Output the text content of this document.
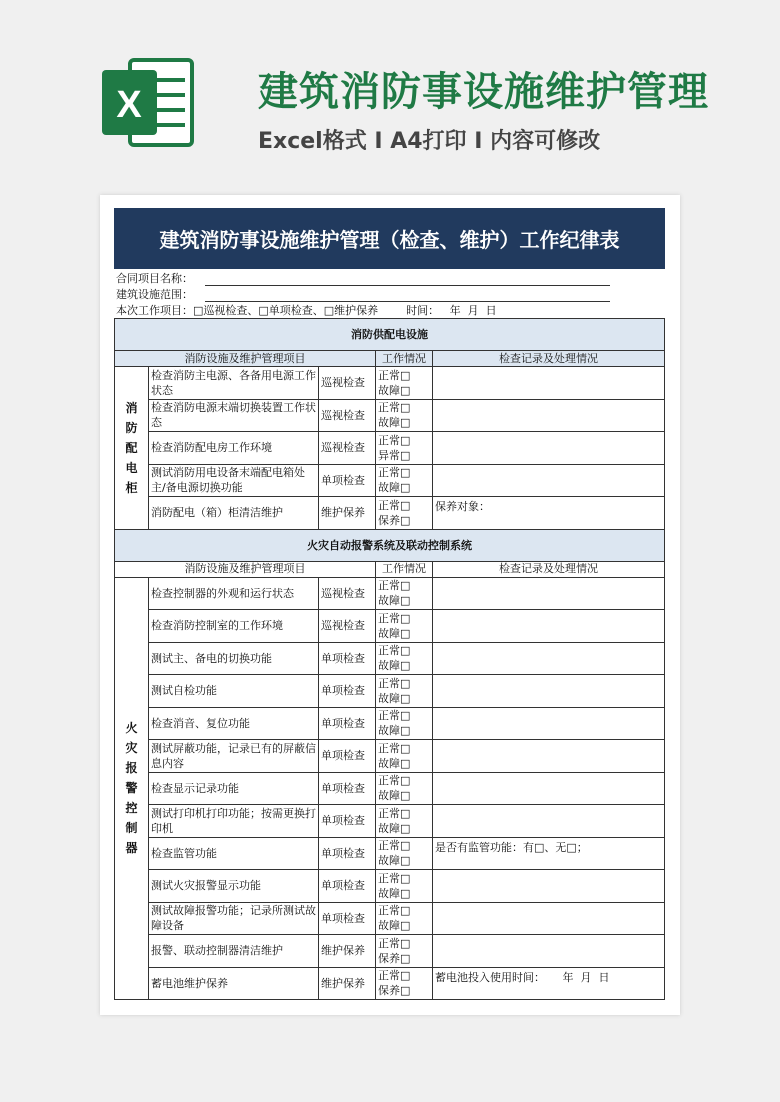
X	建筑消防事设施维护管理
Excel格式 Ⅰ A4打印 Ⅰ 内容可修改
建筑消防事设施维护管理（检查、维护）工作纪律表
合同项目名称：
建筑设施范围：
本次工作项目：□巡视检查、□单项检查、□维护保养        时间：   年  月  日
消防供配电设施				
消防设施及维护管理项目			工作情况	检查记录及处理情况
消防配电柜	检查消防主电源、各备用电源工作状态	巡视检查	正常□
故障□	
	检查消防电源末端切换装置工作状态	巡视检查	正常□
故障□	
	检查消防配电房工作环境	巡视检查	正常□
异常□	
	测试消防用电设备末端配电箱处主/备电源切换功能	单项检查	正常□
故障□	
	消防配电（箱）柜清洁维护	维护保养	正常□
保养□	保养对象：
火灾自动报警系统及联动控制系统				
消防设施及维护管理项目			工作情况	检查记录及处理情况
火灾报警控制器	检查控制器的外观和运行状态	巡视检查	正常□
故障□	
	检查消防控制室的工作环境	巡视检查	正常□
故障□	
	测试主、备电的切换功能	单项检查	正常□
故障□	
	测试自检功能	单项检查	正常□
故障□	
	检查消音、复位功能	单项检查	正常□
故障□	
	测试屏蔽功能，记录已有的屏蔽信息内容	单项检查	正常□
故障□	
	检查显示记录功能	单项检查	正常□
故障□	
	测试打印机打印功能；按需更换打印机	单项检查	正常□
故障□	
	检查监管功能	单项检查	正常□
故障□	是否有监管功能：有□、无□；
	测试火灾报警显示功能	单项检查	正常□
故障□	
	测试故障报警功能；记录所测试故障设备	单项检查	正常□
故障□	
	报警、联动控制器清洁维护	维护保养	正常□
保养□	
	蓄电池维护保养	维护保养	正常□
保养□	蓄电池投入使用时间：     年  月  日
